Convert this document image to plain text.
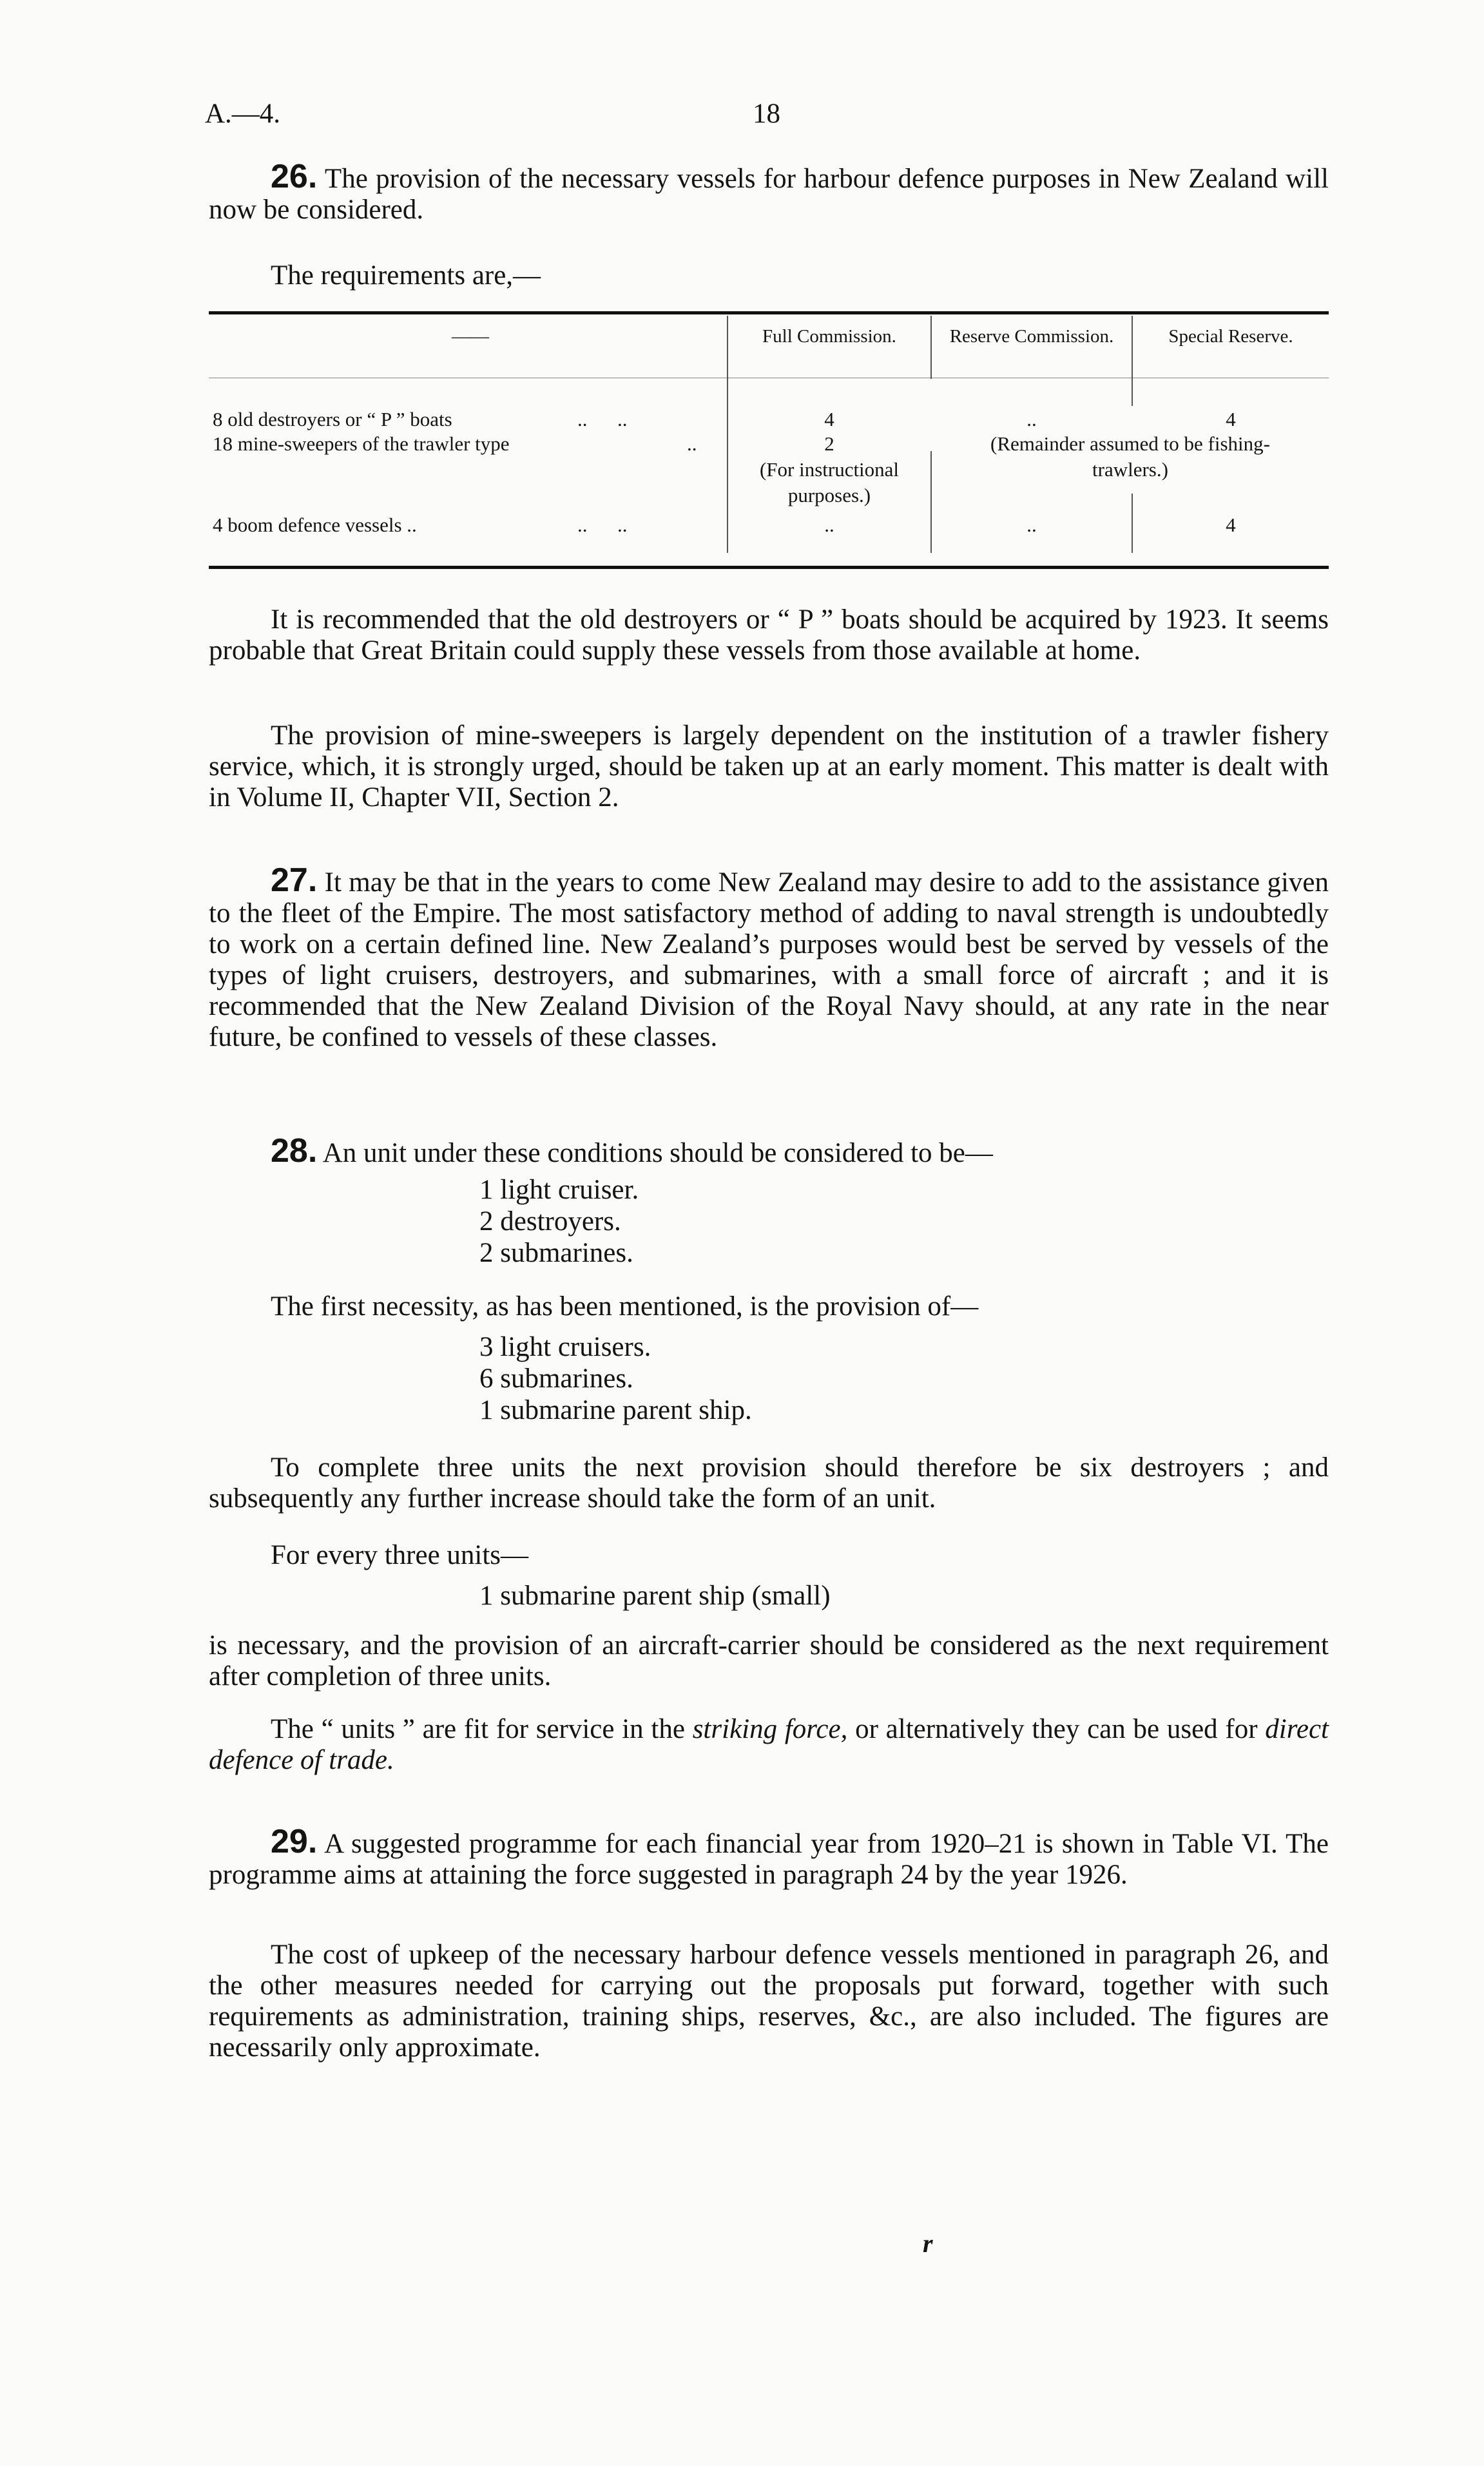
A.—4.	18
26. The provision of the necessary vessels for harbour defence purposes in New Zealand will now be considered.
The requirements are,—
——	Full Commission.	Reserve Commission.	Special Reserve.
8 old destroyers or “ P ” boats	..      ..	4	..	4
18 mine-sweepers of the trawler type	..	2
(For instructional
purposes.)
(Remainder assumed to be fishing-
trawlers.)
4 boom defence vessels ..	..      ..	..	..	4
It is recommended that the old destroyers or “ P ” boats should be acquired by 1923. It seems probable that Great Britain could supply these vessels from those available at home.
The provision of mine-sweepers is largely dependent on the institution of a trawler fishery service, which, it is strongly urged, should be taken up at an early moment. This matter is dealt with in Volume II, Chapter VII, Section 2.
27. It may be that in the years to come New Zealand may desire to add to the assistance given to the fleet of the Empire. The most satisfactory method of adding to naval strength is undoubtedly to work on a certain defined line. New Zealand’s purposes would best be served by vessels of the types of light cruisers, destroyers, and submarines, with a small force of aircraft ; and it is recommended that the New Zealand Division of the Royal Navy should, at any rate in the near future, be confined to vessels of these classes.
28. An unit under these conditions should be considered to be—
1 light cruiser.
2 destroyers.
2 submarines.
The first necessity, as has been mentioned, is the provision of—
3 light cruisers.
6 submarines.
1 submarine parent ship.
To complete three units the next provision should therefore be six destroyers ; and subsequently any further increase should take the form of an unit.
For every three units—
1 submarine parent ship (small)
is necessary, and the provision of an aircraft-carrier should be considered as the next requirement after completion of three units.
The “ units ” are fit for service in the striking force, or alternatively they can be used for direct defence of trade.
29. A suggested programme for each financial year from 1920–21 is shown in Table VI. The programme aims at attaining the force suggested in paragraph 24 by the year 1926.
The cost of upkeep of the necessary harbour defence vessels mentioned in paragraph 26, and the other measures needed for carrying out the proposals put forward, together with such requirements as administration, training ships, reserves, &c., are also included. The figures are necessarily only approximate.
r
